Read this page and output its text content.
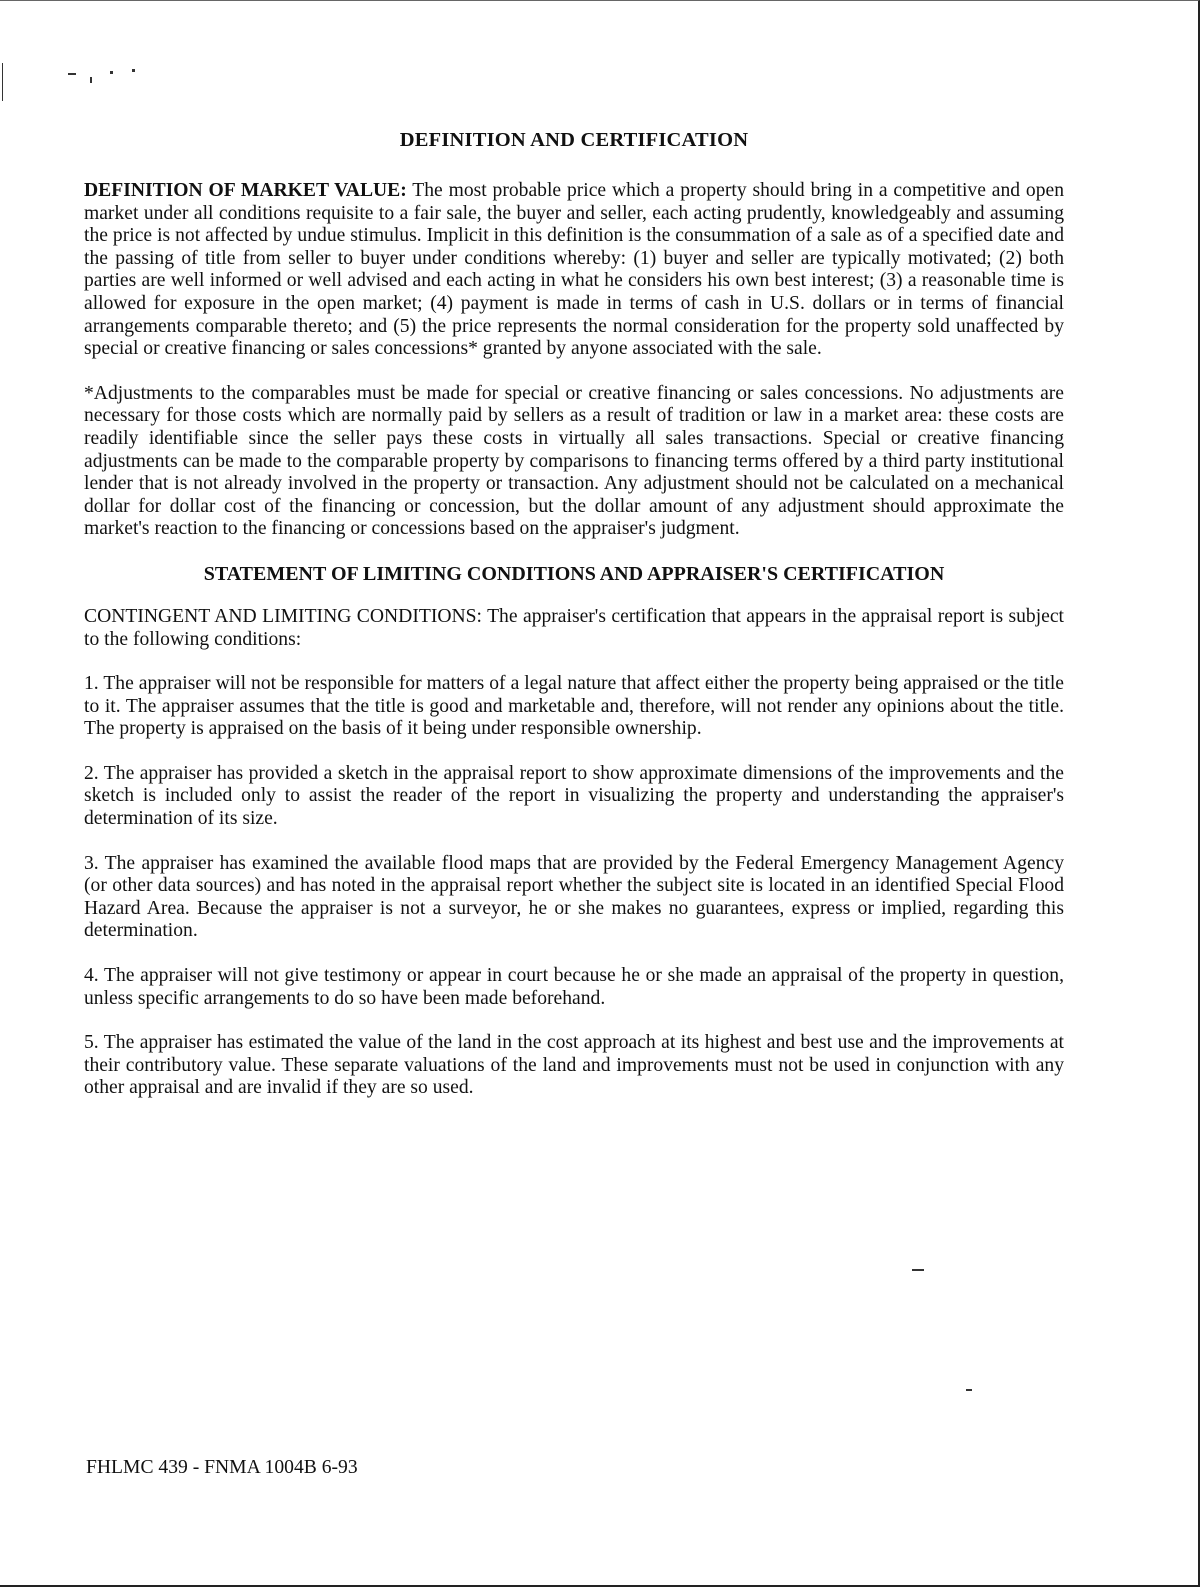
DEFINITION AND CERTIFICATION

DEFINITION OF MARKET VALUE: The most probable price which a property should bring in a competitive and open market under all conditions requisite to a fair sale, the buyer and seller, each acting prudently, knowledgeably and assuming the price is not affected by undue stimulus. Implicit in this definition is the consummation of a sale as of a specified date and the passing of title from seller to buyer under conditions whereby: (1) buyer and seller are typically motivated; (2) both parties are well informed or well advised and each acting in what he considers his own best interest; (3) a reasonable time is allowed for exposure in the open market; (4) payment is made in terms of cash in U.S. dollars or in terms of financial arrangements comparable thereto; and (5) the price represents the normal consideration for the property sold unaffected by special or creative financing or sales concessions* granted by anyone associated with the sale.

*Adjustments to the comparables must be made for special or creative financing or sales concessions. No adjustments are necessary for those costs which are normally paid by sellers as a result of tradition or law in a market area: these costs are readily identifiable since the seller pays these costs in virtually all sales transactions. Special or creative financing adjustments can be made to the comparable property by comparisons to financing terms offered by a third party institutional lender that is not already involved in the property or transaction. Any adjustment should not be calculated on a mechanical dollar for dollar cost of the financing or concession, but the dollar amount of any adjustment should approximate the market's reaction to the financing or concessions based on the appraiser's judgment.

STATEMENT OF LIMITING CONDITIONS AND APPRAISER'S CERTIFICATION

CONTINGENT AND LIMITING CONDITIONS: The appraiser's certification that appears in the appraisal report is subject to the following conditions:

1. The appraiser will not be responsible for matters of a legal nature that affect either the property being appraised or the title to it. The appraiser assumes that the title is good and marketable and, therefore, will not render any opinions about the title. The property is appraised on the basis of it being under responsible ownership.

2. The appraiser has provided a sketch in the appraisal report to show approximate dimensions of the improvements and the sketch is included only to assist the reader of the report in visualizing the property and understanding the appraiser's determination of its size.

3. The appraiser has examined the available flood maps that are provided by the Federal Emergency Management Agency (or other data sources) and has noted in the appraisal report whether the subject site is located in an identified Special Flood Hazard Area. Because the appraiser is not a surveyor, he or she makes no guarantees, express or implied, regarding this determination.

4. The appraiser will not give testimony or appear in court because he or she made an appraisal of the property in question, unless specific arrangements to do so have been made beforehand.

5. The appraiser has estimated the value of the land in the cost approach at its highest and best use and the improvements at their contributory value. These separate valuations of the land and improvements must not be used in conjunction with any other appraisal and are invalid if they are so used.

FHLMC 439 - FNMA 1004B 6-93
